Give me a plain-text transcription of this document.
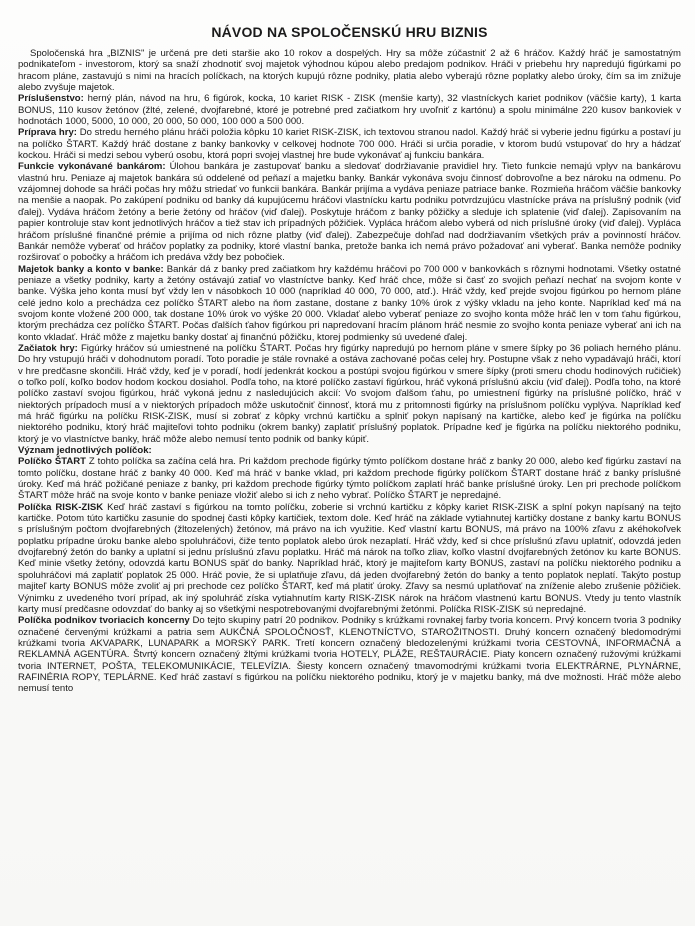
NÁVOD NA SPOLOČENSKÚ HRU BIZNIS

Spoločenská hra „BIZNIS" je určená pre deti staršie ako 10 rokov a dospelých. Hry sa môže zúčastniť 2 až 6 hráčov. Každý hráč je samostatným podnikateľom - investorom, ktorý sa snaží zhodnotiť svoj majetok výhodnou kúpou alebo predajom podnikov. Hráči v priebehu hry napredujú figúrkami po hracom pláne, zastavujú s nimi na hracích políčkach, na ktorých kupujú rôzne podniky, platia alebo vyberajú rôzne poplatky alebo úroky, čím sa im znižuje alebo zvyšuje majetok.

Príslušenstvo: herný plán, návod na hru, 6 figúrok, kocka, 10 kariet RISK - ZISK (menšie karty), 32 vlastníckych kariet podnikov (väčšie karty), 1 karta BONUS, 110 kusov žetónov (žlté, zelené, dvojfarebné, ktoré je potrebné pred začiatkom hry uvoľniť z kartónu) a spolu minimálne 220 kusov bankoviek v hodnotách 1000, 5000, 10 000, 20 000, 50 000, 100 000 a 500 000.

Príprava hry: Do stredu herného plánu hráči položia kôpku 10 kariet RISK-ZISK, ich textovou stranou nadol. Každý hráč si vyberie jednu figúrku a postaví ju na políčko ŠTART. Každý hráč dostane z banky bankovky v celkovej hodnote 700 000. Hráči si určia poradie, v ktorom budú vstupovať do hry a hádzať kockou. Hráči si medzi sebou vyberú osobu, ktorá popri svojej vlastnej hre bude vykonávať aj funkciu bankára.

Funkcie vykonávané bankárom: Úlohou bankára je zastupovať banku a sledovať dodržiavanie pravidiel hry. Tieto funkcie nemajú vplyv na bankárovu vlastnú hru. Peniaze aj majetok bankára sú oddelené od peňazí a majetku banky. Bankár vykonáva svoju činnosť dobrovoľne a bez nároku na odmenu. Po vzájomnej dohode sa hráči počas hry môžu striedať vo funkcii bankára. Bankár prijíma a vydáva peniaze patriace banke. Rozmieňa hráčom väčšie bankovky na menšie a naopak. Po zakúpení podniku od banky dá kupujúcemu hráčovi vlastnícku kartu podniku potvrdzujúcu vlastnícke práva na príslušný podnik (viď ďalej). Vydáva hráčom žetóny a berie žetóny od hráčov (viď ďalej). Poskytuje hráčom z banky pôžičky a sleduje ich splatenie (viď ďalej). Zapisovaním na papier kontroluje stav kont jednotlivých hráčov a tiež stav ich prípadných pôžičiek. Vypláca hráčom alebo vyberá od nich príslušné úroky (viď ďalej). Vypláca hráčom príslušné finančné prémie a prijíma od nich rôzne platby (viď ďalej). Zabezpečuje dohľad nad dodržiavaním všetkých práv a povinností hráčov. Bankár nemôže vyberať od hráčov poplatky za podniky, ktoré vlastní banka, pretože banka ich nemá právo požadovať ani vyberať. Banka nemôže podniky rozširovať o pobočky a hráčom ich predáva vždy bez pobočiek.

Majetok banky a konto v banke: Bankár dá z banky pred začiatkom hry každému hráčovi po 700 000 v bankovkách s rôznymi hodnotami. Všetky ostatné peniaze a všetky podniky, karty a žetóny ostávajú zatiaľ vo vlastníctve banky. Keď hráč chce, môže si časť zo svojich peňazí nechať na svojom konte v banke. Výška jeho konta musí byť vždy len v násobkoch 10 000 (napríklad 40 000, 70 000, atď.). Hráč vždy, keď prejde svojou figúrkou po hernom pláne celé jedno kolo a prechádza cez políčko ŠTART alebo na ňom zastane, dostane z banky 10% úrok z výšky vkladu na jeho konte. Napríklad keď má na svojom konte vložené 200 000, tak dostane 10% úrok vo výške 20 000. Vkladať alebo vyberať peniaze zo svojho konta môže hráč len v tom ťahu figúrkou, ktorým prechádza cez políčko ŠTART. Počas ďalších ťahov figúrkou pri napredovaní hracím plánom hráč nesmie zo svojho konta peniaze vyberať ani ich na konto vkladať. Hráč môže z majetku banky dostať aj finančnú pôžičku, ktorej podmienky sú uvedené ďalej.

Začiatok hry: Figúrky hráčov sú umiestnené na políčku ŠTART. Počas hry figúrky napredujú po hernom pláne v smere šípky po 36 poliach herného plánu. Do hry vstupujú hráči v dohodnutom poradí. Toto poradie je stále rovnaké a ostáva zachované počas celej hry. Postupne však z neho vypadávajú hráči, ktorí v hre predčasne skončili. Hráč vždy, keď je v poradí, hodí jedenkrát kockou a postúpi svojou figúrkou v smere šípky (proti smeru chodu hodinových ručičiek) o toľko polí, koľko bodov hodom kockou dosiahol. Podľa toho, na ktoré políčko zastaví figúrkou, hráč vykoná príslušnú akciu (viď ďalej). Podľa toho, na ktoré políčko zastaví svojou figúrkou, hráč vykoná jednu z nasledujúcich akcií: Vo svojom ďalšom ťahu, po umiestnení figúrky na príslušné políčko, hráč v niektorých prípadoch musí a v niektorých prípadoch môže uskutočniť činnosť, ktorá mu z pritomnosti figúrky na príslušnom políčku vyplýva. Napríklad keď má hráč figúrku na políčku RISK-ZISK, musí si zobrať z kôpky vrchnú kartičku a splniť pokyn napísaný na kartičke, alebo keď je figúrka na políčku niektorého podniku, ktorý hráč majiteľovi tohto podniku (okrem banky) zaplatiť príslušný poplatok. Prípadne keď je figúrka na políčku niektorého podniku, ktorý je vo vlastníctve banky, hráč môže alebo nemusí tento podnik od banky kúpiť.

Význam jednotlivých políčok:

Políčko ŠTART Z tohto políčka sa začína celá hra. Pri každom prechode figúrky týmto políčkom dostane hráč z banky 20 000, alebo keď figúrku zastaví na tomto políčku, dostane hráč z banky 40 000. Keď má hráč v banke vklad, pri každom prechode figúrky políčkom ŠTART dostane hráč z banky príslušné úroky. Keď má hráč požičané peniaze z banky, pri každom prechode figúrky týmto políčkom zaplatí hráč banke príslušné úroky. Len pri prechode políčkom ŠTART môže hráč na svoje konto v banke peniaze vložiť alebo si ich z neho vybrať. Políčko ŠTART je nepredajné.

Políčka RISK-ZISK Keď hráč zastaví s figúrkou na tomto políčku, zoberie si vrchnú kartičku z kôpky kariet RISK-ZISK a splní pokyn napísaný na tejto kartičke. Potom túto kartičku zasunie do spodnej časti kôpky kartičiek, textom dole. Keď hráč na základe vytiahnutej kartičky dostane z banky kartu BONUS s príslušným počtom dvojfarebných (žltozelených) žetónov, má právo na ich využitie. Keď vlastní kartu BONUS, má právo na 100% zľavu z akéhokoľvek poplatku prípadne úroku banke alebo spoluhráčovi, čiže tento poplatok alebo úrok nezaplatí. Hráč vždy, keď si chce príslušnú zľavu uplatniť, odovzdá jeden dvojfarebný žetón do banky a uplatní si jednu príslušnú zľavu poplatku. Hráč má nárok na toľko zliav, koľko vlastní dvojfarebných žetónov ku karte BONUS. Keď minie všetky žetóny, odovzdá kartu BONUS späť do banky. Napríklad hráč, ktorý je majiteľom karty BONUS, zastaví na políčku niektorého podniku a spoluhráčovi má zaplatiť poplatok 25 000. Hráč povie, že si uplatňuje zľavu, dá jeden dvojfarebný žetón do banky a tento poplatok neplatí. Takýto postup majiteľ karty BONUS môže zvoliť aj pri prechode cez políčko ŠTART, keď má platiť úroky. Zľavy sa nesmú uplatňovať na zníženie alebo zrušenie pôžičiek. Výnimku z uvedeného tvorí prípad, ak iný spoluhráč získa vytiahnutím karty RISK-ZISK nárok na hráčom vlastnenú kartu BONUS. Vtedy ju tento vlastník karty musí predčasne odovzdať do banky aj so všetkými nespotrebovanými dvojfarebnými žetónmi. Políčka RISK-ZISK sú nepredajné.

Políčka podnikov tvoriacich koncerny Do tejto skupiny patrí 20 podnikov. Podniky s krúžkami rovnakej farby tvoria koncern. Prvý koncern tvoria 3 podniky označené červenými krúžkami a patria sem AUKČNÁ SPOLOČNOSŤ, KLENOTNÍCTVO, STAROŽITNOSTI. Druhý koncern označený bledomodrými krúžkami tvoria AKVAPARK, LUNAPARK a MORSKÝ PARK. Tretí koncern označený bledozelenými krúžkami tvoria CESTOVNÁ, INFORMAČNÁ a REKLAMNÁ AGENTÚRA. Štvrtý koncern označený žltými krúžkami tvoria HOTELY, PLÁŽE, REŠTAURÁCIE. Piaty koncern označený ružovými krúžkami tvoria INTERNET, POŠTA, TELEKOMUNIKÁCIE, TELEVÍZIA. Šiesty koncern označený tmavomodrými krúžkami tvoria ELEKTRÁRNE, PLYNÁRNE, RAFINÉRIA ROPY, TEPLÁRNE. Keď hráč zastaví s figúrkou na políčku niektorého podniku, ktorý je v majetku banky, má dve možnosti. Hráč môže alebo nemusí tento
